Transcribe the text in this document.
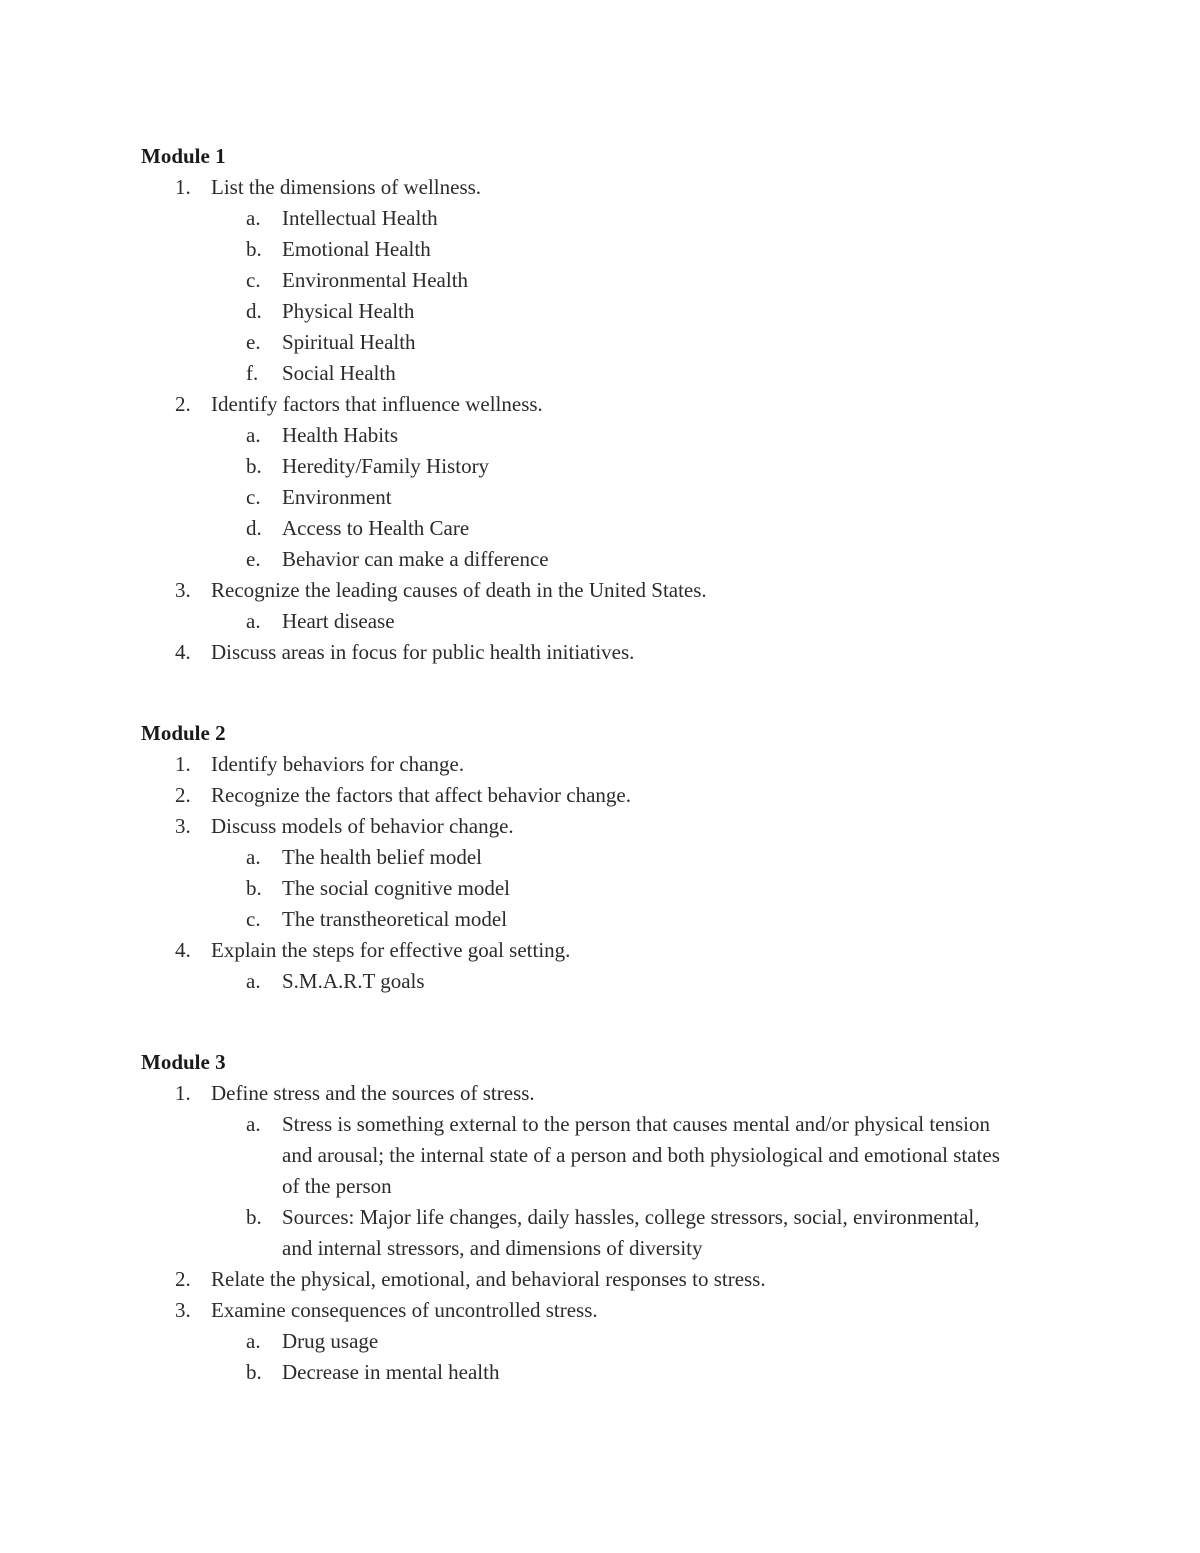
Module 1
1. List the dimensions of wellness.
a.	Intellectual Health
b. Emotional Health
c.	Environmental Health
d. Physical Health
e.	Spiritual Health
f.	Social Health
2. Identify factors that influence wellness.
a.	Health Habits
b. Heredity/Family History
c.	Environment
d. Access to Health Care
e.	Behavior can make a difference
3. Recognize the leading causes of death in the United States.
a.	Heart disease
4. Discuss areas in focus for public health initiatives.
Module 2
1. Identify behaviors for change.
2. Recognize the factors that affect behavior change.
3. Discuss models of behavior change.
a.	The health belief model
b. The social cognitive model
c.	The transtheoretical model
4. Explain the steps for effective goal setting.
a.	S.M.A.R.T goals
Module 3
1. Define stress and the sources of stress.
a.	Stress is something external to the person that causes mental and/or physical tension and arousal; the internal state of a person and both physiological and emotional states of the person
b. Sources: Major life changes, daily hassles, college stressors, social, environmental, and internal stressors, and dimensions of diversity
2. Relate the physical, emotional, and behavioral responses to stress.
3. Examine consequences of uncontrolled stress.
a.	Drug usage
b. Decrease in mental health
